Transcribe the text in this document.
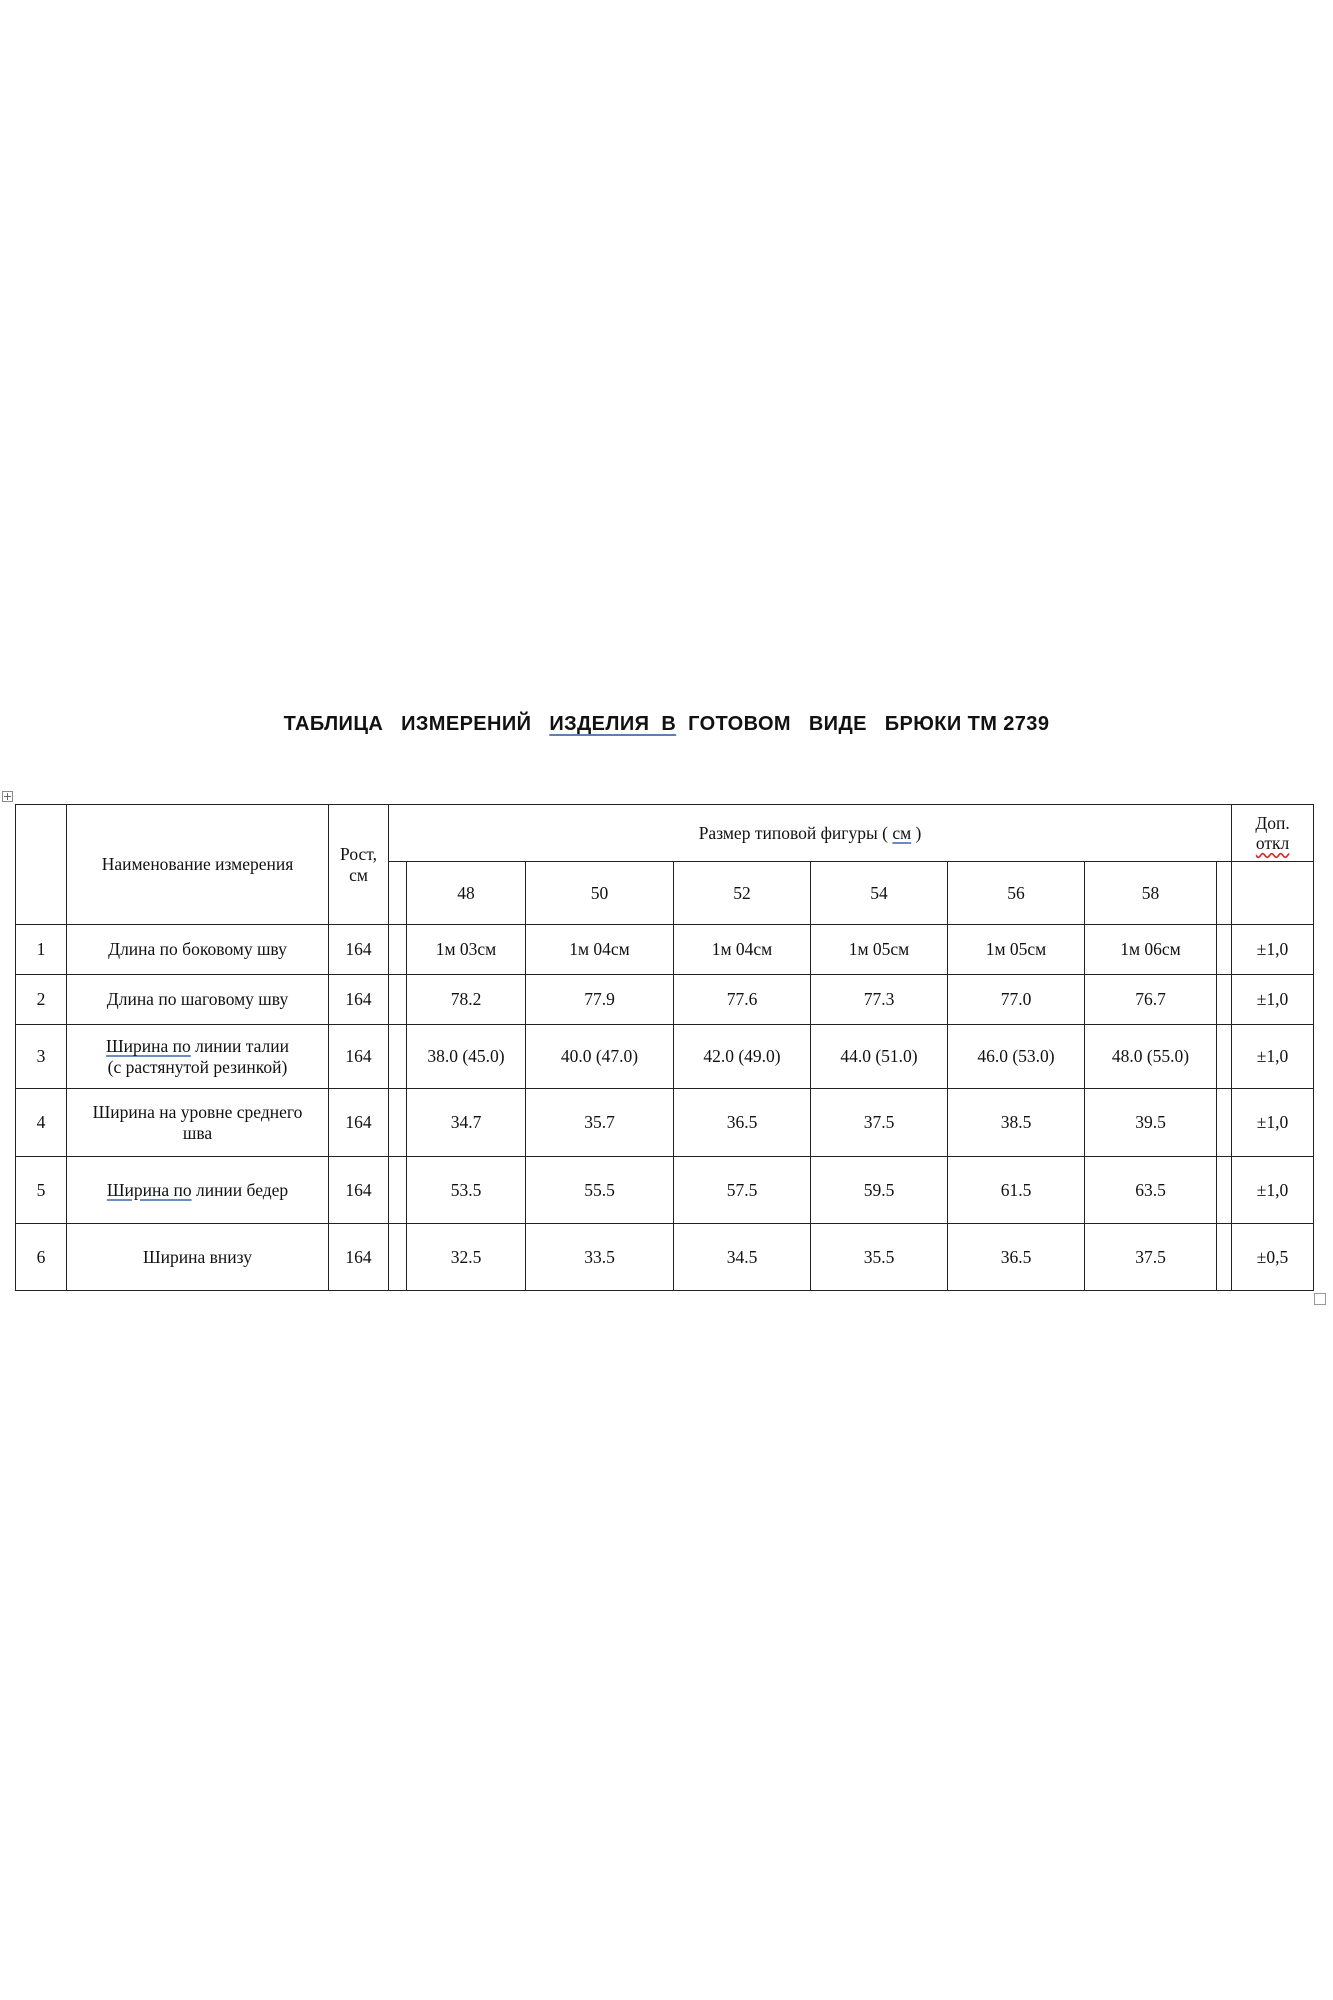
ТАБЛИЦА ИЗМЕРЕНИЙ ИЗДЕЛИЯ  В ГОТОВОМ ВИДЕ БРЮКИ ТМ 2739
	Наименование измерения	Рост,
см	Размер типовой фигуры ( см )								Доп.
откл
				48	50	52	54	56	58		
1	Длина по боковому шву	164		1м 03см	1м 04см	1м 04см	1м 05см	1м 05см	1м 06см		±1,0
2	Длина по шаговому шву	164		78.2	77.9	77.6	77.3	77.0	76.7		±1,0
3	Ширина по линии талии
(с растянутой резинкой)	164		38.0 (45.0)	40.0 (47.0)	42.0 (49.0)	44.0 (51.0)	46.0 (53.0)	48.0 (55.0)		±1,0
4	Ширина на уровне среднего
шва	164		34.7	35.7	36.5	37.5	38.5	39.5		±1,0
5	Ширина по линии бедер	164		53.5	55.5	57.5	59.5	61.5	63.5		±1,0
6	Ширина внизу	164		32.5	33.5	34.5	35.5	36.5	37.5		±0,5
